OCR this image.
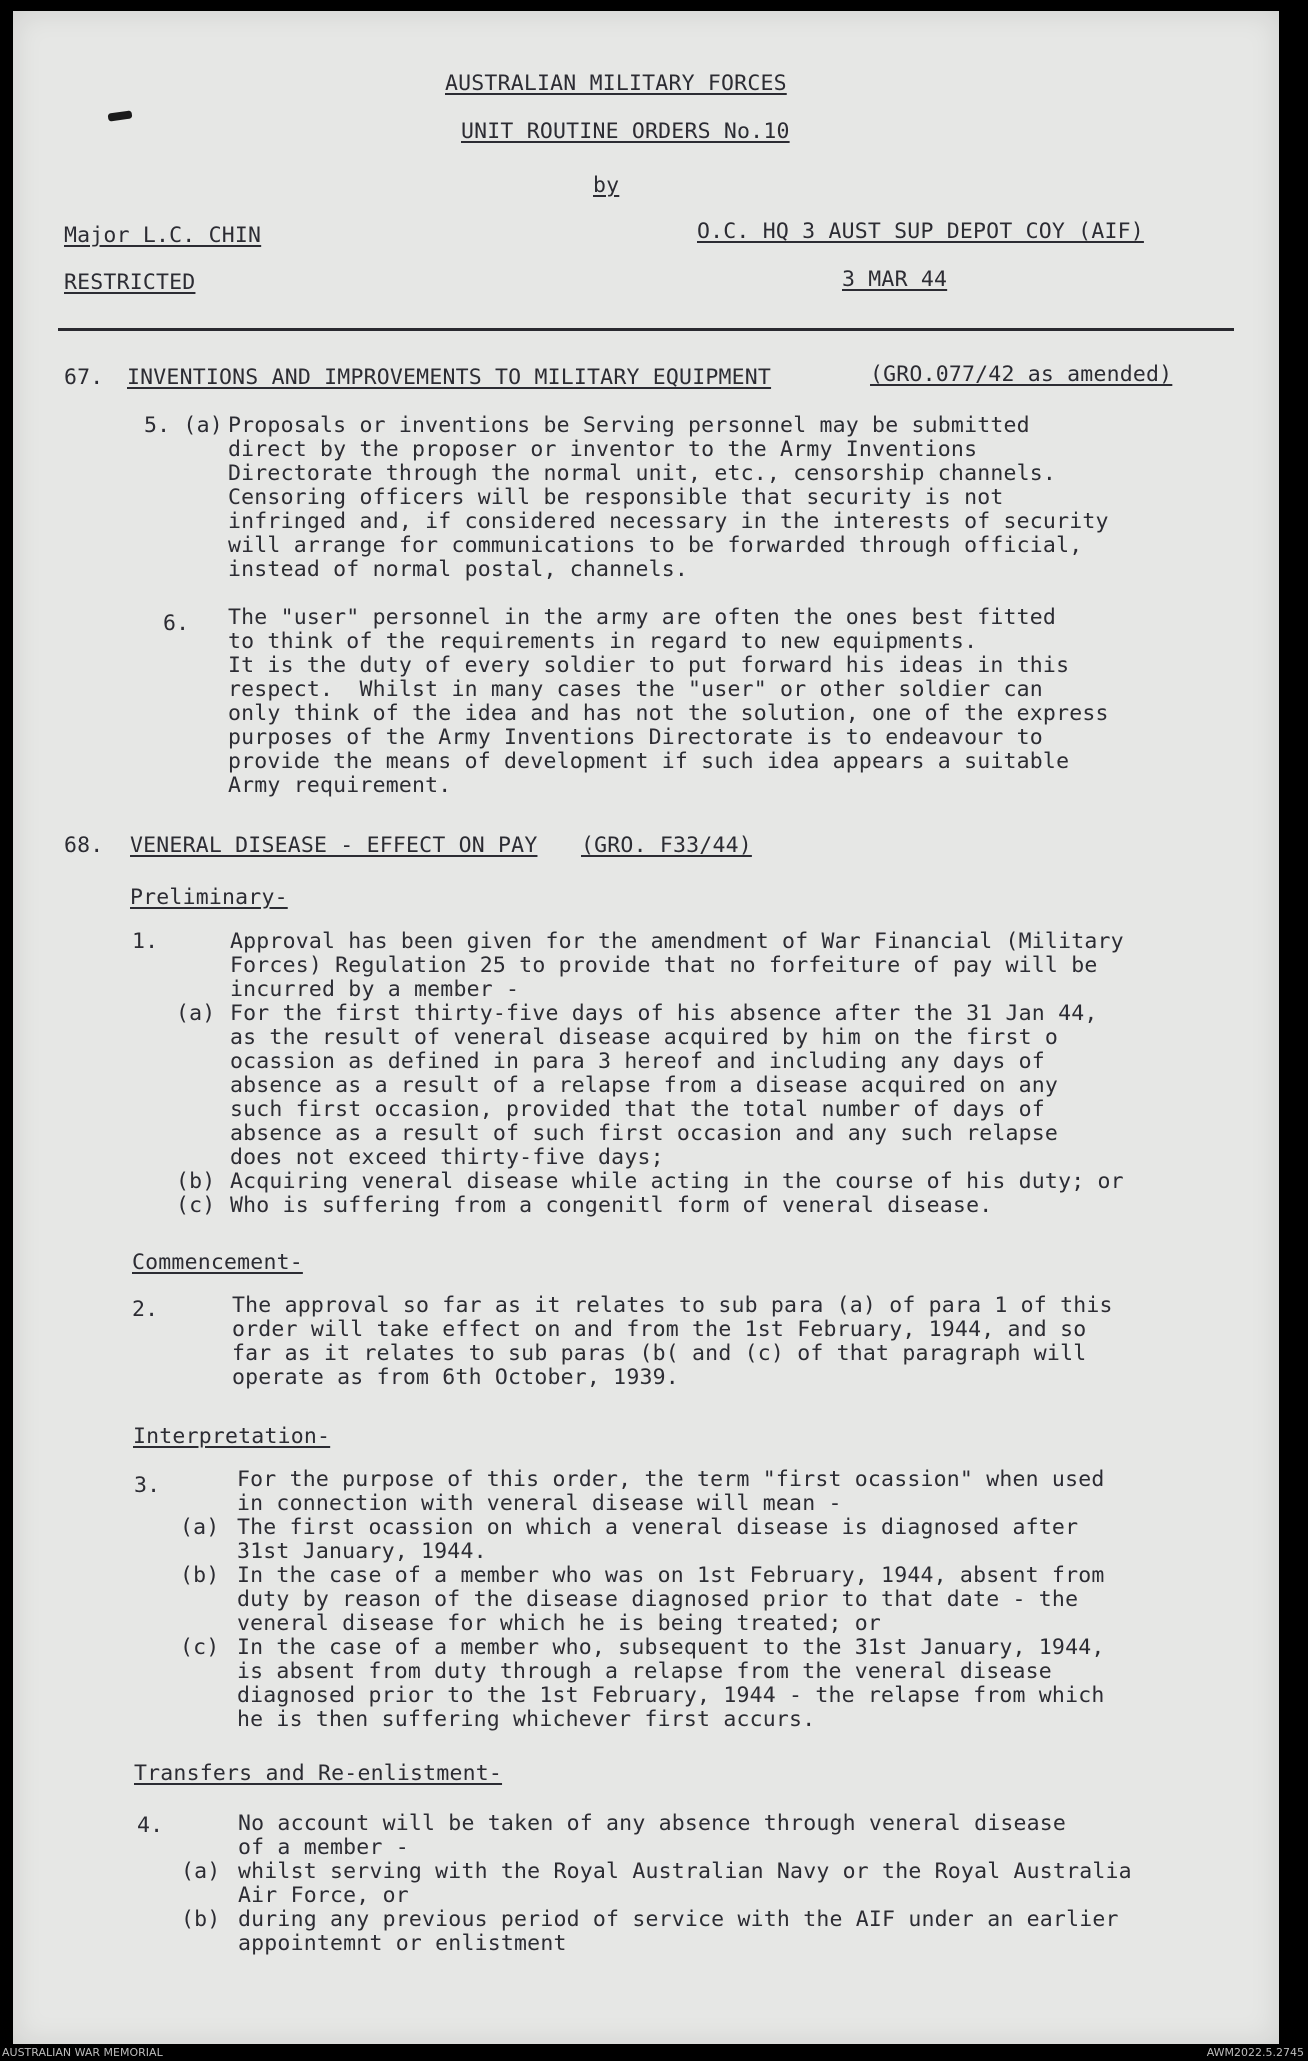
AUSTRALIAN MILITARY FORCES
UNIT ROUTINE ORDERS No.10
by
Major L.C. CHIN	O.C. HQ 3 AUST SUP DEPOT COY (AIF)
RESTRICTED	3 MAR 44
67. INVENTIONS AND IMPROVEMENTS TO MILITARY EQUIPMENT	(GRO.077/42 as amended)
5. (a) Proposals or inventions be Serving personnel may be submitted
direct by the proposer or inventor to the Army Inventions
Directorate through the normal unit, etc., censorship channels.
Censoring officers will be responsible that security is not
infringed and, if considered necessary in the interests of security
will arrange for communications to be forwarded through official,
instead of normal postal, channels.
6. The "user" personnel in the army are often the ones best fitted
to think of the requirements in regard to new equipments.
It is the duty of every soldier to put forward his ideas in this
respect.  Whilst in many cases the "user" or other soldier can
only think of the idea and has not the solution, one of the express
purposes of the Army Inventions Directorate is to endeavour to
provide the means of development if such idea appears a suitable
Army requirement.
68. VENERAL DISEASE - EFFECT ON PAY (GRO. F33/44)
Preliminary-
1.	Approval has been given for the amendment of War Financial (Military
Forces) Regulation 25 to provide that no forfeiture of pay will be
incurred by a member -
(a) For the first thirty-five days of his absence after the 31 Jan 44,
as the result of veneral disease acquired by him on the first o
ocassion as defined in para 3 hereof and including any days of
absence as a result of a relapse from a disease acquired on any
such first occasion, provided that the total number of days of
absence as a result of such first occasion and any such relapse
does not exceed thirty-five days;
(b) Acquiring veneral disease while acting in the course of his duty; or
(c) Who is suffering from a congenitl form of veneral disease.
Commencement-
2.	The approval so far as it relates to sub para (a) of para 1 of this
order will take effect on and from the 1st February, 1944, and so
far as it relates to sub paras (b( and (c) of that paragraph will
operate as from 6th October, 1939.
Interpretation-
3.	For the purpose of this order, the term "first ocassion" when used
in connection with veneral disease will mean -
(a) The first ocassion on which a veneral disease is diagnosed after
31st January, 1944.
(b) In the case of a member who was on 1st February, 1944, absent from
duty by reason of the disease diagnosed prior to that date - the
veneral disease for which he is being treated; or
(c) In the case of a member who, subsequent to the 31st January, 1944,
is absent from duty through a relapse from the veneral disease
diagnosed prior to the 1st February, 1944 - the relapse from which
he is then suffering whichever first accurs.
Transfers and Re-enlistment-
4.	No account will be taken of any absence through veneral disease
of a member -
(a) whilst serving with the Royal Australian Navy or the Royal Australia
Air Force, or
(b) during any previous period of service with the AIF under an earlier
appointemnt or enlistment
AUSTRALIAN WAR MEMORIAL	AWM2022.5.2745
